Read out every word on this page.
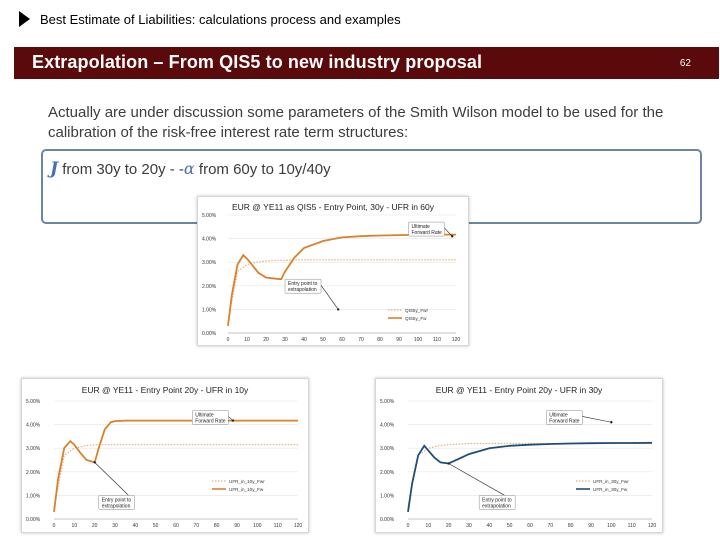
Best Estimate of Liabilities: calculations process and examples
Extrapolation – From QIS5 to new industry proposal	62
Actually are under discussion some parameters of the Smith Wilson model to be used for the calibration of the risk-free interest rate term structures:
J from 30y to 20y - -α from 60y to 10y/40y
EUR @ YE11 as QIS5 - Entry Point, 30y - UFR in 60y
0.00%
1.00%
2.00%
3.00%
4.00%
5.00%
0	10	20	30	40	50	60	70	80	90 100 110 120
Ultimate
Forward Rate
Entry point to
extrapolation
QIS5y_Fwr
QIS5y_Fw
EUR @ YE11 - Entry Point 20y - UFR in 10y
0.00%
1.00%
2.00%
3.00%
4.00%
5.00%
0	10	20	30	40	50	60	70	80	90	100 110 120
Ultimate
Forward Rate
Entry point to
extrapolation
UFR_in_10y_Fwr
UFR_in_10y_Fw
EUR @ YE11 - Entry Point 20y - UFR in 30y
0.00%
1.00%
2.00%
3.00%
4.00%
5.00%
0	10	20	30	40	50	60	70	80	90	100 110 120
Ultimate
Forward Rate
Entry point to
extrapolation
UFR_in_30y_Fwr
UFR_in_30y_Fw
